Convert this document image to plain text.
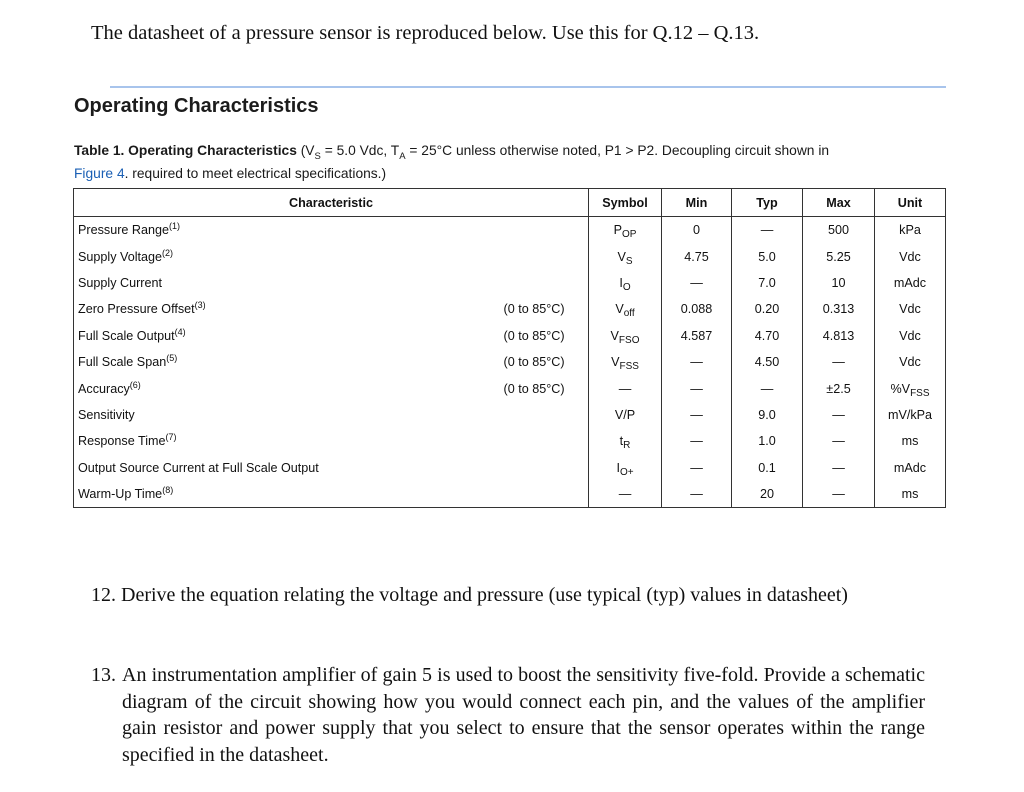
The datasheet of a pressure sensor is reproduced below. Use this for Q.12 – Q.13.
Operating Characteristics
Table 1. Operating Characteristics ($V_S = 5.0$ Vdc, $T_A = 25^\circ C$ unless otherwise noted, P1 > P2. Decoupling circuit shown in
Figure 4. required to meet electrical specifications.)
Characteristic		Symbol	Min	Typ	Max	Unit
Pressure Range$^{(1)}$		$P_{OP}$	0	—	500	kPa
Supply Voltage$^{(2)}$		$V_S$	4.75	5.0	5.25	Vdc
Supply Current		$I_O$	—	7.0	10	mAdc
Zero Pressure Offset$^{(3)}$	(0 to 85°C)	$V_{off}$	0.088	0.20	0.313	Vdc
Full Scale Output$^{(4)}$	(0 to 85°C)	$V_{FSO}$	4.587	4.70	4.813	Vdc
Full Scale Span$^{(5)}$	(0 to 85°C)	$V_{FSS}$	—	4.50	—	Vdc
Accuracy$^{(6)}$	(0 to 85°C)	—	—	—	±2.5	$\%V_{FSS}$
Sensitivity		V/P	—	9.0	—	mV/kPa
Response Time$^{(7)}$		$t_R$	—	1.0	—	ms
Output Source Current at Full Scale Output		$I_{O+}$	—	0.1	—	mAdc
Warm-Up Time$^{(8)}$		—	—	20	—	ms
12. Derive the equation relating the voltage and pressure (use typical (typ) values in datasheet)
13. An instrumentation amplifier of gain 5 is used to boost the sensitivity five-fold. Provide a schematic diagram of the circuit showing how you would connect each pin, and the values of the amplifier gain resistor and power supply that you select to ensure that the sensor operates within the range specified in the datasheet.
